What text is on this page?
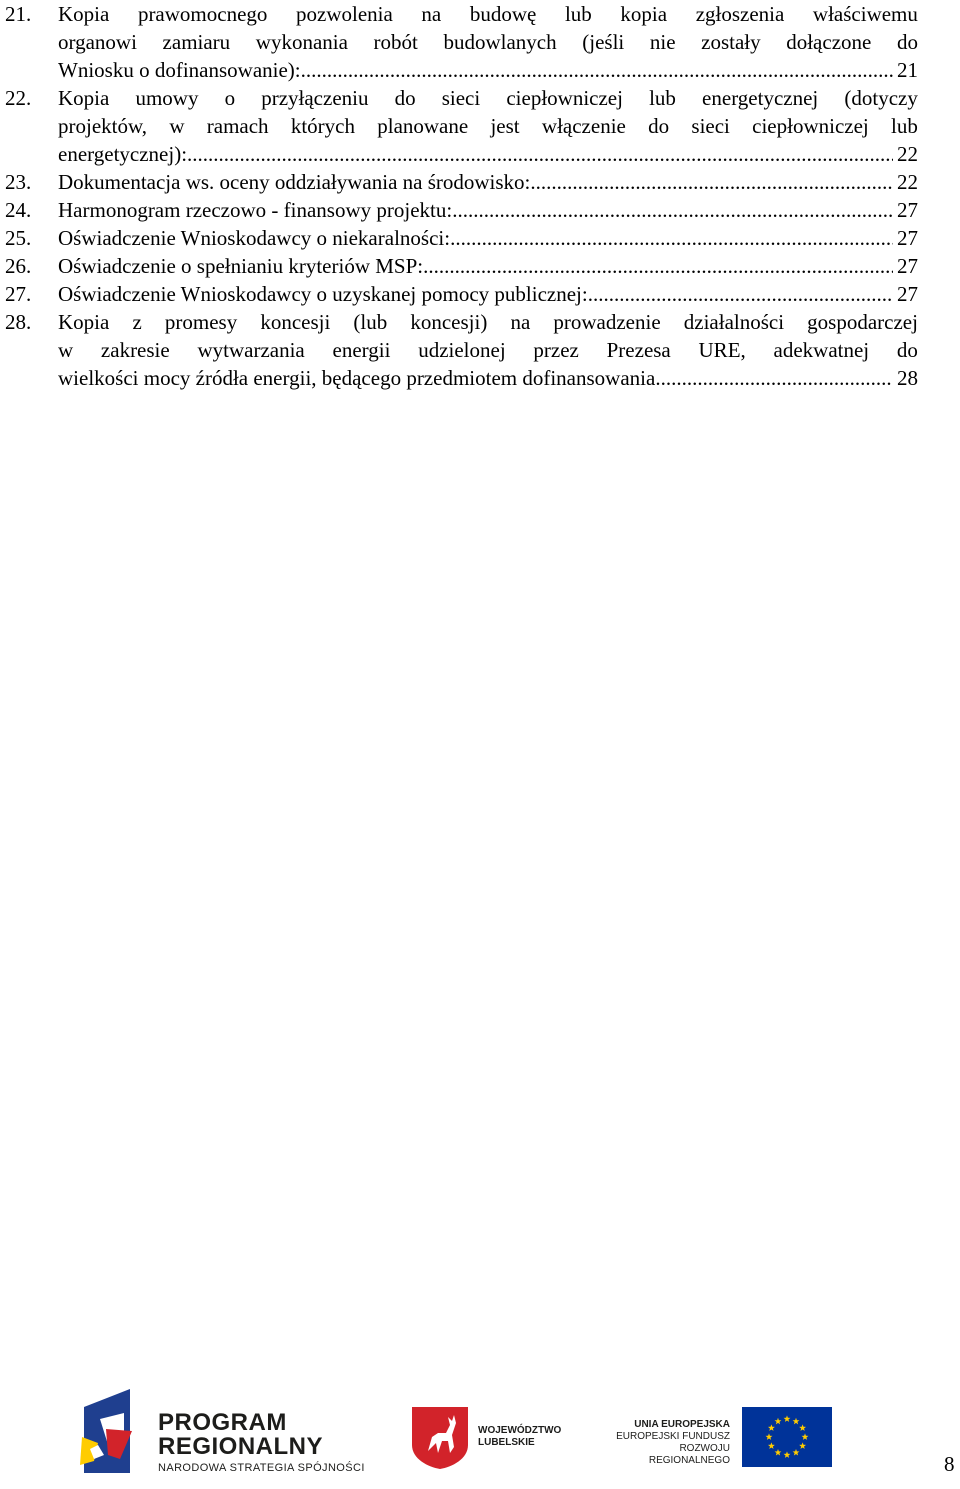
21. Kopia prawomocnego pozwolenia na budowę lub kopia zgłoszenia właściwemu
organowi zamiaru wykonania robót budowlanych (jeśli nie zostały dołączone do
Wniosku o dofinansowanie): .....	21
22. Kopia umowy o przyłączeniu do sieci ciepłowniczej lub energetycznej (dotyczy
projektów, w ramach których planowane jest włączenie do sieci ciepłowniczej lub
energetycznej): .....	22
23. Dokumentacja ws. oceny oddziaływania na środowisko: .....	22
24. Harmonogram rzeczowo - finansowy projektu: .....	27
25. Oświadczenie Wnioskodawcy o niekaralności: .....	27
26. Oświadczenie o spełnianiu kryteriów MSP: .....	27
27. Oświadczenie Wnioskodawcy o uzyskanej pomocy publicznej: .....	27
28. Kopia z promesy koncesji (lub koncesji) na prowadzenie działalności gospodarczej
w zakresie wytwarzania energii udzielonej przez Prezesa URE, adekwatnej do
wielkości mocy źródła energii, będącego przedmiotem dofinansowania .....	28
PROGRAM
REGIONALNY
NARODOWA STRATEGIA SPÓJNOŚCI
WOJEWÓDZTWO
LUBELSKIE
UNIA EUROPEJSKA
EUROPEJSKI FUNDUSZ
ROZWOJU REGIONALNEGO	8
